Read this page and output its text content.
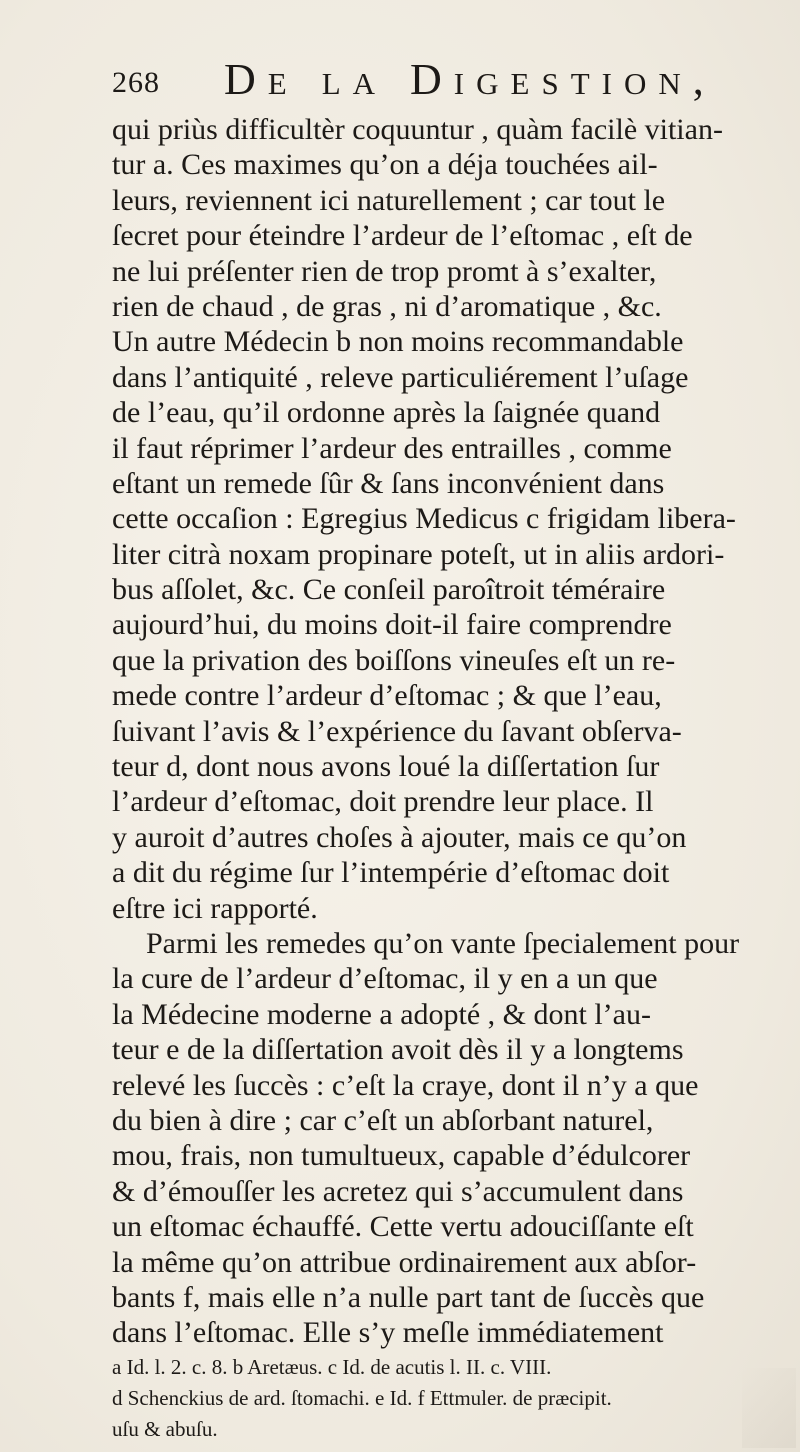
268 De la Digestion,
qui priùs difficultèr coquuntur , quàm facilè vitian-
tur a. Ces maximes qu’on a déja touchées ail-
leurs, reviennent ici naturellement ; car tout le
ſecret pour éteindre l’ardeur de l’eſtomac , eſt de
ne lui préſenter rien de trop promt à s’exalter,
rien de chaud , de gras , ni d’aromatique , &c.
Un autre Médecin b non moins recommandable
dans l’antiquité , releve particuliérement l’uſage
de l’eau, qu’il ordonne après la ſaignée quand
il faut réprimer l’ardeur des entrailles , comme
eſtant un remede ſûr & ſans inconvénient dans
cette occaſion : Egregius Medicus c frigidam libera-
liter citrà noxam propinare poteſt, ut in aliis ardori-
bus aſſolet, &c. Ce conſeil paroîtroit téméraire
aujourd’hui, du moins doit-il faire comprendre
que la privation des boiſſons vineuſes eſt un re-
mede contre l’ardeur d’eſtomac ; & que l’eau,
ſuivant l’avis & l’expérience du ſavant obſerva-
teur d, dont nous avons loué la diſſertation ſur
l’ardeur d’eſtomac, doit prendre leur place. Il
y auroit d’autres choſes à ajouter, mais ce qu’on
a dit du régime ſur l’intempérie d’eſtomac doit
eſtre ici rapporté.
Parmi les remedes qu’on vante ſpecialement pour
la cure de l’ardeur d’eſtomac, il y en a un que
la Médecine moderne a adopté , & dont l’au-
teur e de la diſſertation avoit dès il y a longtems
relevé les ſuccès : c’eſt la craye, dont il n’y a que
du bien à dire ; car c’eſt un abſorbant naturel,
mou, frais, non tumultueux, capable d’édulcorer
& d’émouſſer les acretez qui s’accumulent dans
un eſtomac échauffé. Cette vertu adouciſſante eſt
la même qu’on attribue ordinairement aux abſor-
bants f, mais elle n’a nulle part tant de ſuccès que
dans l’eſtomac. Elle s’y meſle immédiatement
a Id. l. 2. c. 8. b Aretæus. c Id. de acutis l. II. c. VIII.
d Schenckius de ard. ſtomachi. e Id. f Ettmuler. de præcipit.
uſu & abuſu.
